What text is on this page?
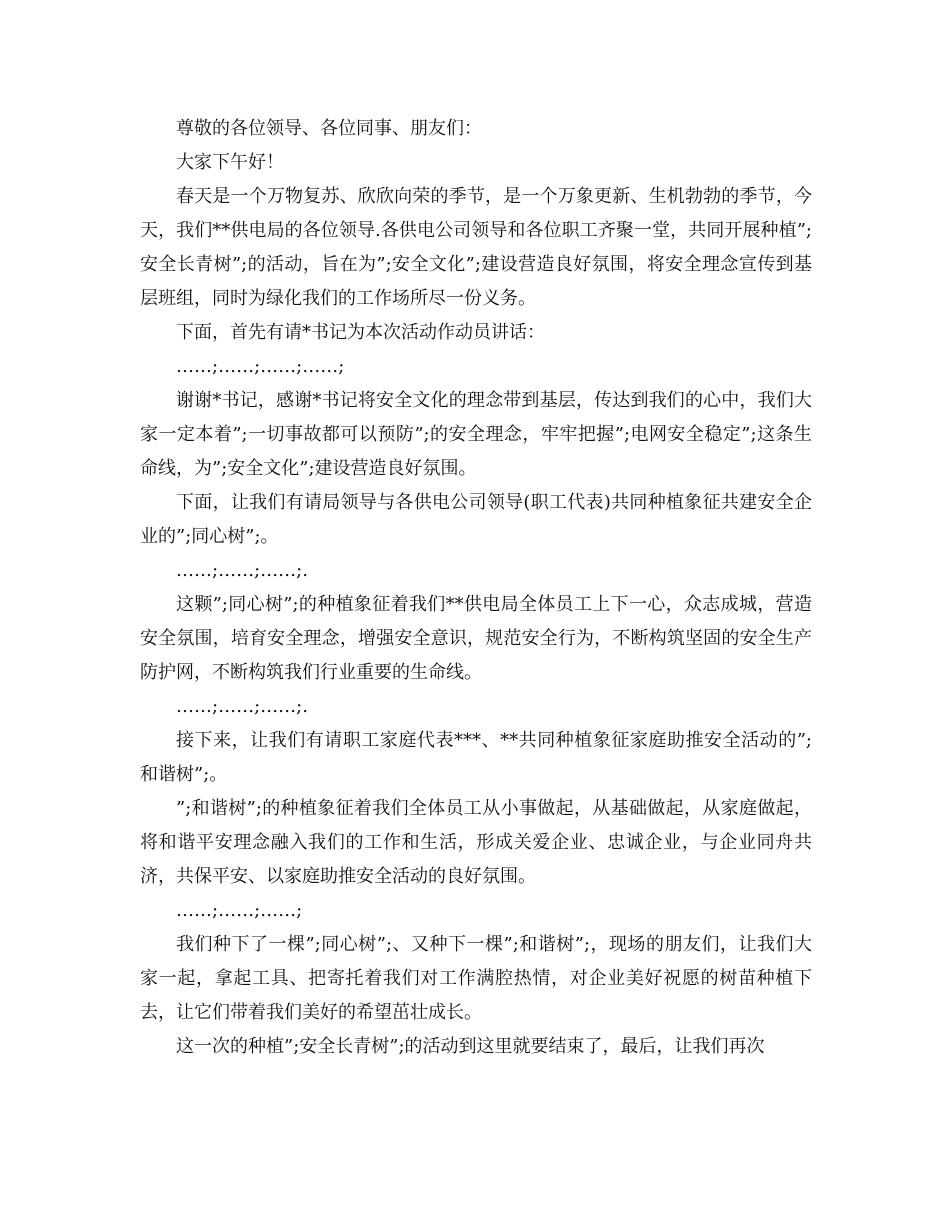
尊敬的各位领导、各位同事、朋友们：

大家下午好！

春天是一个万物复苏、欣欣向荣的季节，是一个万象更新、生机勃勃的季节，今天，我们**供电局的各位领导.各供电公司领导和各位职工齐聚一堂，共同开展种植”;安全长青树”;的活动，旨在为”;安全文化”;建设营造良好氛围，将安全理念宣传到基层班组，同时为绿化我们的工作场所尽一份义务。

下面，首先有请*书记为本次活动作动员讲话：

……;……;……;……;

谢谢*书记，感谢*书记将安全文化的理念带到基层，传达到我们的心中，我们大家一定本着”;一切事故都可以预防”;的安全理念，牢牢把握”;电网安全稳定”;这条生命线，为”;安全文化”;建设营造良好氛围。

下面，让我们有请局领导与各供电公司领导(职工代表)共同种植象征共建安全企业的”;同心树”;。

……;……;……;.

这颗”;同心树”;的种植象征着我们**供电局全体员工上下一心，众志成城，营造安全氛围，培育安全理念，增强安全意识，规范安全行为，不断构筑坚固的安全生产防护网，不断构筑我们行业重要的生命线。

……;……;……;.

接下来，让我们有请职工家庭代表***、**共同种植象征家庭助推安全活动的”;和谐树”;。

”;和谐树”;的种植象征着我们全体员工从小事做起，从基础做起，从家庭做起，将和谐平安理念融入我们的工作和生活，形成关爱企业、忠诚企业，与企业同舟共济，共保平安、以家庭助推安全活动的良好氛围。

……;……;……;

我们种下了一棵”;同心树”;、又种下一棵”;和谐树”;，现场的朋友们，让我们大家一起，拿起工具、把寄托着我们对工作满腔热情，对企业美好祝愿的树苗种植下去，让它们带着我们美好的希望茁壮成长。

这一次的种植”;安全长青树”;的活动到这里就要结束了，最后，让我们再次
